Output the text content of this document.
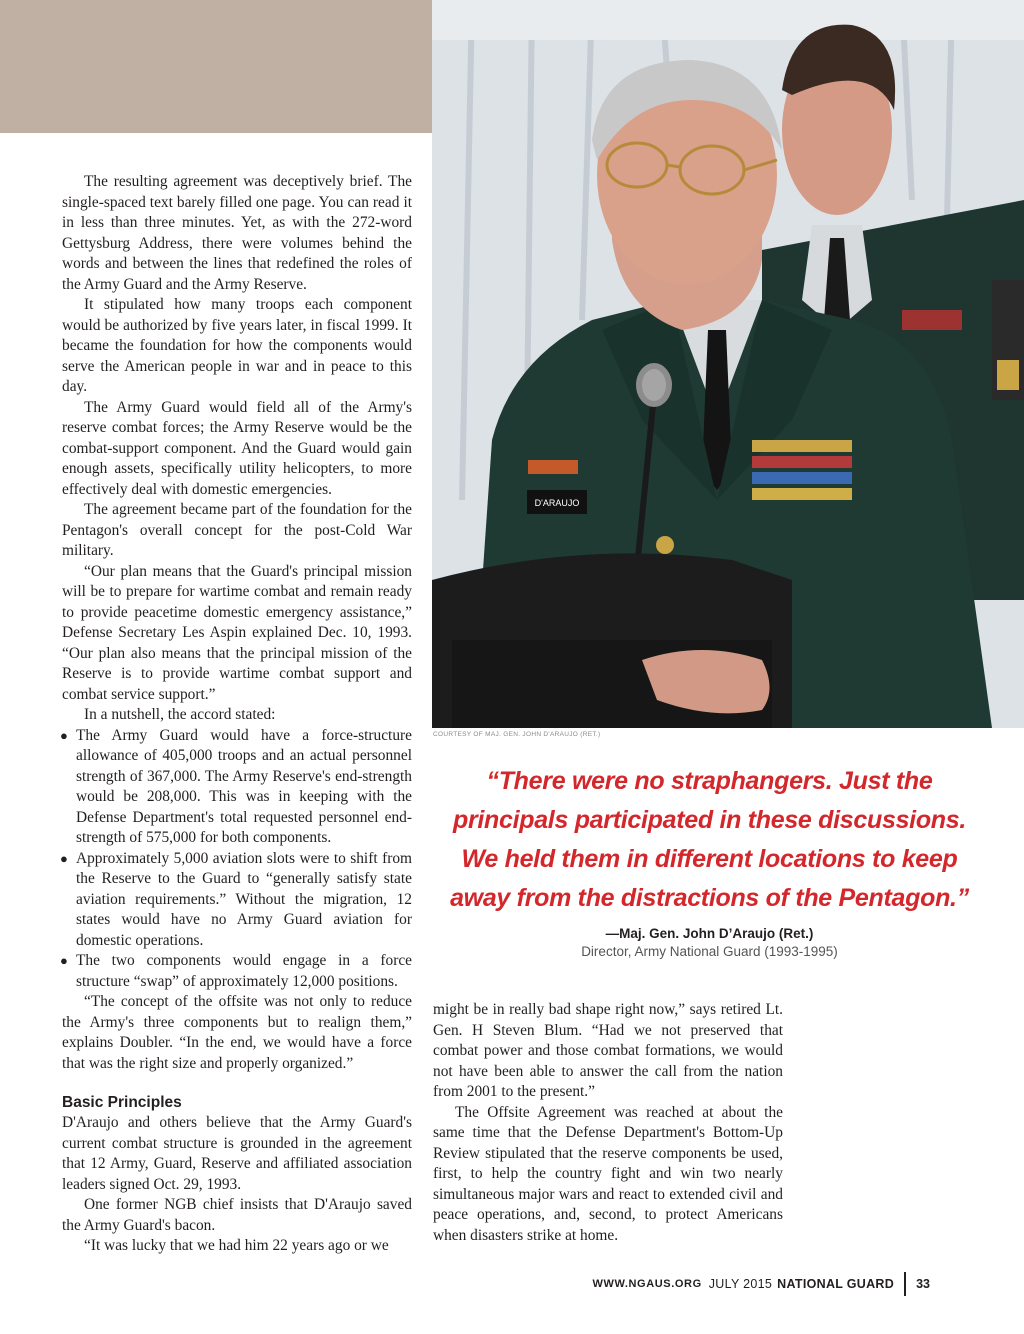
D'ARAUJO
COURTESY OF MAJ. GEN. JOHN D'ARAUJO (RET.)

The resulting agreement was deceptively brief. The single-spaced text barely filled one page. You can read it in less than three minutes. Yet, as with the 272-word Gettysburg Address, there were volumes behind the words and between the lines that redefined the roles of the Army Guard and the Army Reserve.

It stipulated how many troops each component would be authorized by five years later, in fiscal 1999. It became the foundation for how the components would serve the American people in war and in peace to this day.

The Army Guard would field all of the Army's reserve combat forces; the Army Reserve would be the combat-support component. And the Guard would gain enough assets, specifically utility helicopters, to more effectively deal with domestic emergencies.

The agreement became part of the foundation for the Pentagon's overall concept for the post-Cold War military.

“Our plan means that the Guard's principal mission will be to prepare for wartime combat and remain ready to provide peacetime domestic emergency assistance,” Defense Secretary Les Aspin explained Dec. 10, 1993. “Our plan also means that the principal mission of the Reserve is to provide wartime combat support and combat service support.”

In a nutshell, the accord stated:

● The Army Guard would have a force-structure allowance of 405,000 troops and an actual personnel strength of 367,000. The Army Reserve's end-strength would be 208,000. This was in keeping with the Defense Department's total requested personnel end-strength of 575,000 for both components.
● Approximately 5,000 aviation slots were to shift from the Reserve to the Guard to “generally satisfy state aviation requirements.” Without the migration, 12 states would have no Army Guard aviation for domestic operations.
● The two components would engage in a force structure “swap” of approximately 12,000 positions.

“The concept of the offsite was not only to reduce the Army's three components but to realign them,” explains Doubler. “In the end, we would have a force that was the right size and properly organized.”

Basic Principles

D'Araujo and others believe that the Army Guard's current combat structure is grounded in the agreement that 12 Army, Guard, Reserve and affiliated association leaders signed Oct. 29, 1993.

One former NGB chief insists that D'Araujo saved the Army Guard's bacon.

“It was lucky that we had him 22 years ago or we

“There were no straphangers. Just the
principals participated in these discussions.
We held them in different locations to keep
away from the distractions of the Pentagon.”
—Maj. Gen. John D’Araujo (Ret.)
Director, Army National Guard (1993-1995)

might be in really bad shape right now,” says retired Lt. Gen. H Steven Blum. “Had we not preserved that combat power and those combat formations, we would not have been able to answer the call from the nation from 2001 to the present.”

The Offsite Agreement was reached at about the same time that the Defense Department's Bottom-Up Review stipulated that the reserve components be used, first, to help the country fight and win two nearly simultaneous major wars and react to extended civil and peace operations, and, second, to protect Americans when disasters strike at home.

WWW.NGAUS.ORG JULY 2015 NATIONAL GUARD 33
